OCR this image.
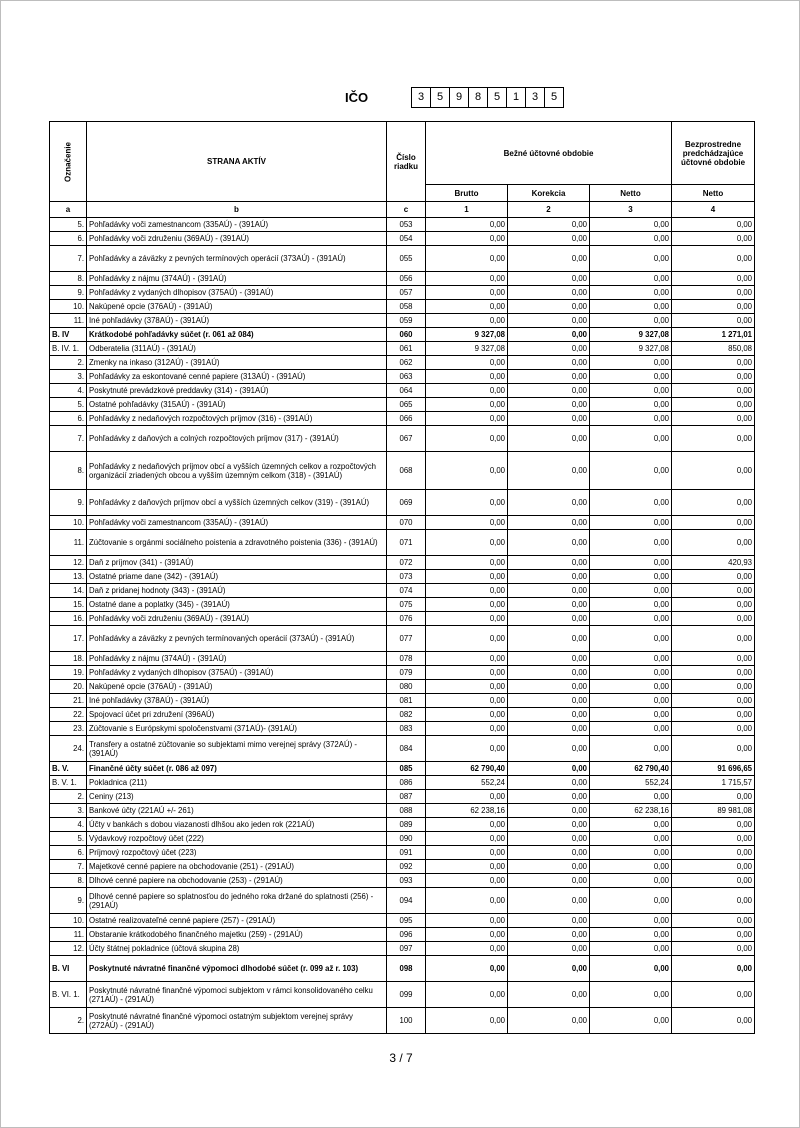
IČO	3	5	9	8	5	1	3	5
Označenie	STRANA AKTÍV	Číslo riadku	Bežné účtovné obdobie			Bezprostredne predchádzajúce účtovné obdobie
			Brutto	Korekcia	Netto	Netto
a	b	c	1	2	3	4
5.	Pohľadávky voči zamestnancom (335AÚ) - (391AÚ)	053	0,00	0,00	0,00	0,00
6.	Pohľadávky voči združeniu (369AÚ) - (391AÚ)	054	0,00	0,00	0,00	0,00
7.	Pohľadávky a záväzky z pevných termínových operácií (373AÚ) - (391AÚ)	055	0,00	0,00	0,00	0,00
8.	Pohľadávky z nájmu (374AÚ) - (391AÚ)	056	0,00	0,00	0,00	0,00
9.	Pohľadávky z vydaných dlhopisov (375AÚ) - (391AÚ)	057	0,00	0,00	0,00	0,00
10.	Nakúpené opcie (376AÚ) - (391AÚ)	058	0,00	0,00	0,00	0,00
11.	Iné pohľadávky (378AÚ) - (391AÚ)	059	0,00	0,00	0,00	0,00
B. IV	Krátkodobé pohľadávky súčet (r. 061 až 084)	060	9 327,08	0,00	9 327,08	1 271,01
B. IV. 1.	Odberatelia (311AÚ) - (391AÚ)	061	9 327,08	0,00	9 327,08	850,08
2.	Zmenky na inkaso (312AÚ) - (391AÚ)	062	0,00	0,00	0,00	0,00
3.	Pohľadávky za eskontované cenné papiere (313AÚ) - (391AÚ)	063	0,00	0,00	0,00	0,00
4.	Poskytnuté prevádzkové preddavky (314) - (391AÚ)	064	0,00	0,00	0,00	0,00
5.	Ostatné pohľadávky (315AÚ) - (391AÚ)	065	0,00	0,00	0,00	0,00
6.	Pohľadávky z nedaňových rozpočtových príjmov (316) - (391AÚ)	066	0,00	0,00	0,00	0,00
7.	Pohľadávky z daňových a colných rozpočtových príjmov (317) - (391AÚ)	067	0,00	0,00	0,00	0,00
8.	Pohľadávky z nedaňových príjmov obcí a vyšších územných celkov a rozpočtových organizácií zriadených obcou a vyšším územným celkom (318) - (391AÚ)	068	0,00	0,00	0,00	0,00
9.	Pohľadávky z daňových príjmov obcí a vyšších územných celkov (319) - (391AÚ)	069	0,00	0,00	0,00	0,00
10.	Pohľadávky voči zamestnancom (335AÚ) - (391AÚ)	070	0,00	0,00	0,00	0,00
11.	Zúčtovanie s orgánmi sociálneho poistenia a zdravotného poistenia (336) - (391AÚ)	071	0,00	0,00	0,00	0,00
12.	Daň z príjmov (341) - (391AÚ)	072	0,00	0,00	0,00	420,93
13.	Ostatné priame dane (342) - (391AÚ)	073	0,00	0,00	0,00	0,00
14.	Daň z pridanej hodnoty (343) - (391AÚ)	074	0,00	0,00	0,00	0,00
15.	Ostatné dane a poplatky (345) - (391AÚ)	075	0,00	0,00	0,00	0,00
16.	Pohľadávky voči združeniu (369AÚ) - (391AÚ)	076	0,00	0,00	0,00	0,00
17.	Pohľadávky a záväzky z pevných termínovaných operácií (373AÚ) - (391AÚ)	077	0,00	0,00	0,00	0,00
18.	Pohľadávky z nájmu (374AÚ) - (391AÚ)	078	0,00	0,00	0,00	0,00
19.	Pohľadávky z vydaných dlhopisov (375AÚ) - (391AÚ)	079	0,00	0,00	0,00	0,00
20.	Nakúpené opcie (376AÚ) - (391AÚ)	080	0,00	0,00	0,00	0,00
21.	Iné pohľadávky (378AÚ) - (391AÚ)	081	0,00	0,00	0,00	0,00
22.	Spojovací účet pri združení (396AÚ)	082	0,00	0,00	0,00	0,00
23.	Zúčtovanie s Európskymi spoločenstvami (371AÚ)- (391AÚ)	083	0,00	0,00	0,00	0,00
24.	Transfery a ostatné zúčtovanie so subjektami mimo verejnej správy (372AÚ) - (391AÚ)	084	0,00	0,00	0,00	0,00
B. V.	Finančné účty súčet (r. 086 až 097)	085	62 790,40	0,00	62 790,40	91 696,65
B. V. 1.	Pokladnica (211)	086	552,24	0,00	552,24	1 715,57
2.	Ceniny (213)	087	0,00	0,00	0,00	0,00
3.	Bankové účty (221AÚ +/- 261)	088	62 238,16	0,00	62 238,16	89 981,08
4.	Účty v bankách s dobou viazanosti dlhšou ako jeden rok (221AÚ)	089	0,00	0,00	0,00	0,00
5.	Výdavkový rozpočtový účet (222)	090	0,00	0,00	0,00	0,00
6.	Príjmový rozpočtový účet (223)	091	0,00	0,00	0,00	0,00
7.	Majetkové cenné papiere na obchodovanie (251) - (291AÚ)	092	0,00	0,00	0,00	0,00
8.	Dlhové cenné papiere na obchodovanie (253) - (291AÚ)	093	0,00	0,00	0,00	0,00
9.	Dlhové cenné papiere so splatnosťou do jedného roka držané do splatnosti (256) - (291AÚ)	094	0,00	0,00	0,00	0,00
10.	Ostatné realizovateľné cenné papiere (257) - (291AÚ)	095	0,00	0,00	0,00	0,00
11.	Obstaranie krátkodobého finančného majetku (259) - (291AÚ)	096	0,00	0,00	0,00	0,00
12.	Účty štátnej pokladnice (účtová skupina 28)	097	0,00	0,00	0,00	0,00
B. VI	Poskytnuté návratné finančné výpomoci dlhodobé súčet (r. 099 až r. 103)	098	0,00	0,00	0,00	0,00
B. VI. 1.	Poskytnuté návratné finančné výpomoci subjektom v rámci konsolidovaného celku (271AÚ) - (291AÚ)	099	0,00	0,00	0,00	0,00
2.	Poskytnuté návratné finančné výpomoci ostatným subjektom verejnej správy (272AÚ) - (291AÚ)	100	0,00	0,00	0,00	0,00
3 / 7
